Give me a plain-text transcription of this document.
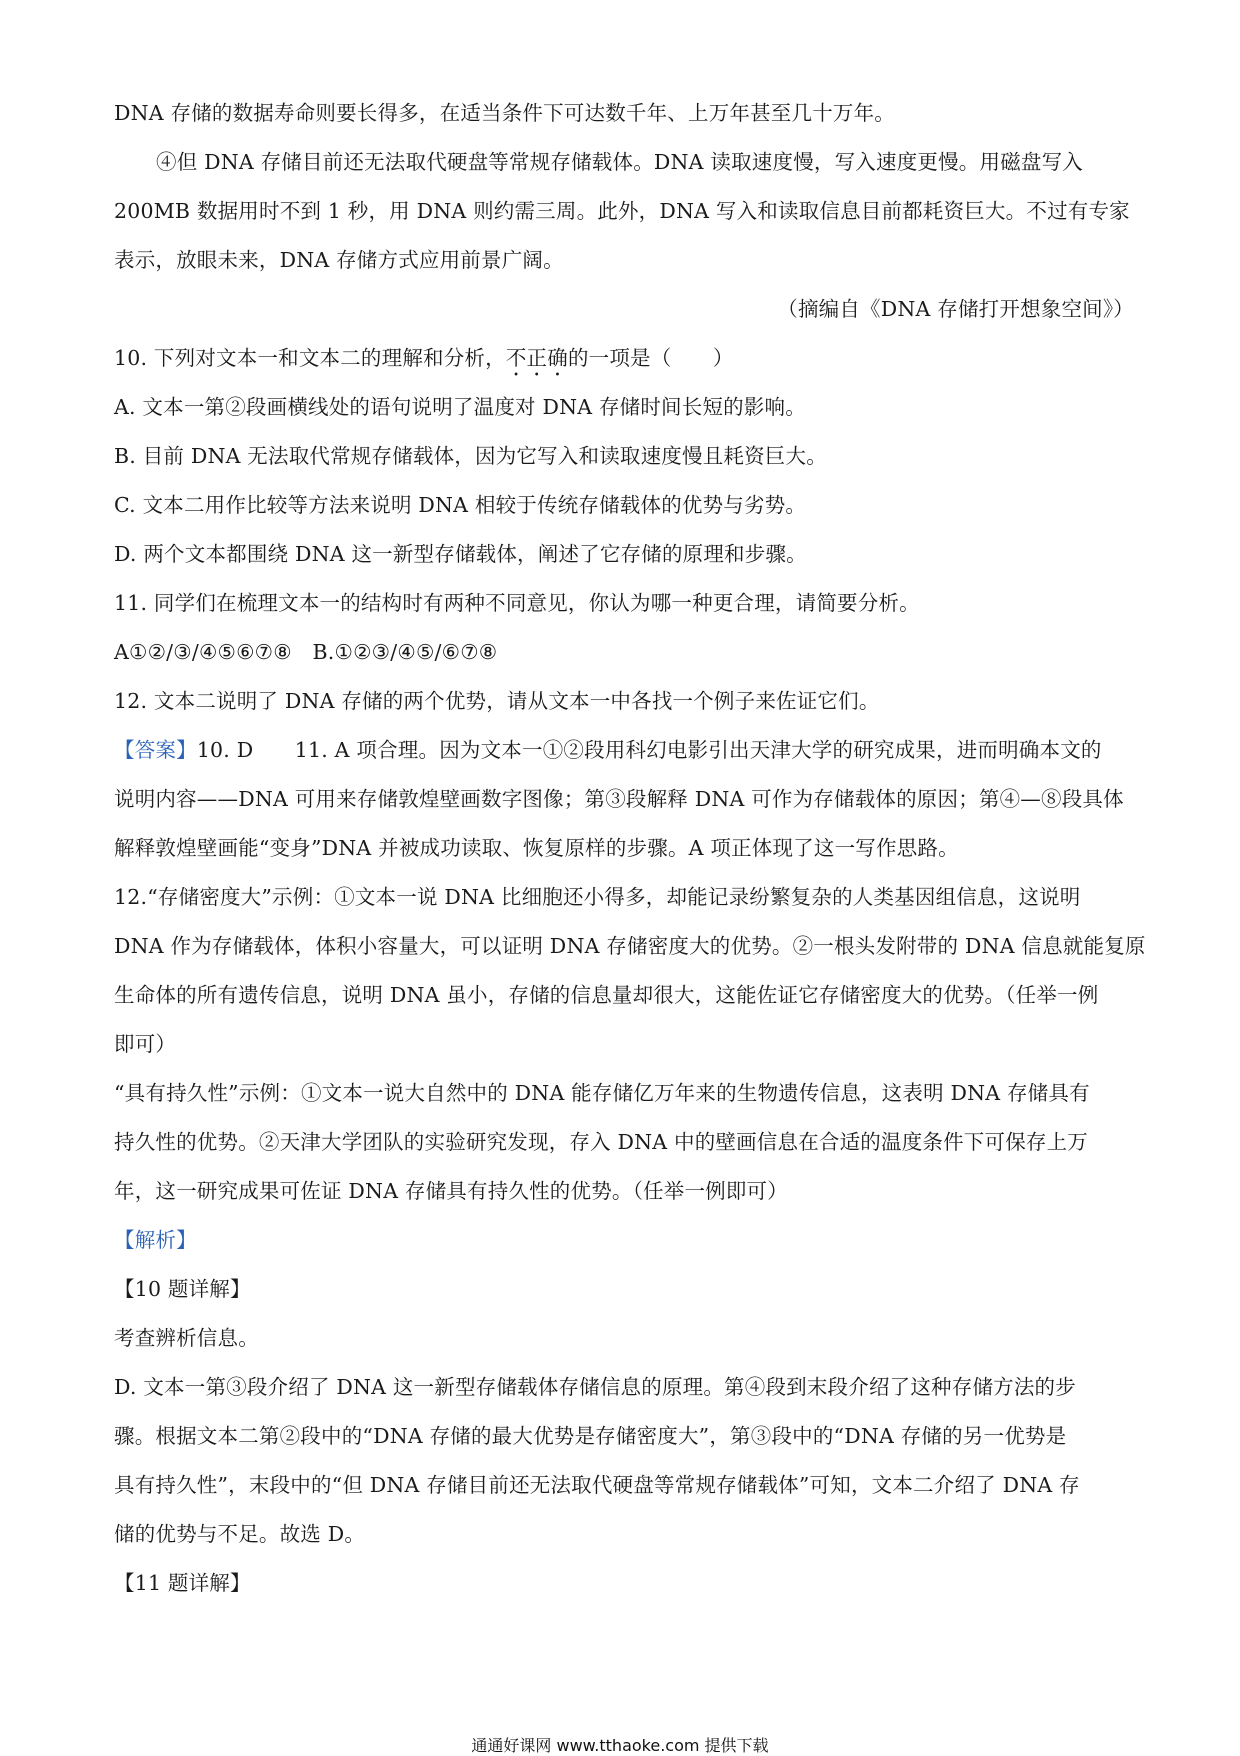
DNA 存储的数据寿命则要长得多，在适当条件下可达数千年、上万年甚至几十万年。
④但 DNA 存储目前还无法取代硬盘等常规存储载体。DNA 读取速度慢，写入速度更慢。用磁盘写入
200MB 数据用时不到 1 秒，用 DNA 则约需三周。此外，DNA 写入和读取信息目前都耗资巨大。不过有专家
表示，放眼未来，DNA 存储方式应用前景广阔。
（摘编自《DNA 存储打开想象空间》）
10. 下列对文本一和文本二的理解和分析，不正确的一项是（　　）
A. 文本一第②段画横线处的语句说明了温度对 DNA 存储时间长短的影响。
B. 目前 DNA 无法取代常规存储载体，因为它写入和读取速度慢且耗资巨大。
C. 文本二用作比较等方法来说明 DNA 相较于传统存储载体的优势与劣势。
D. 两个文本都围绕 DNA 这一新型存储载体，阐述了它存储的原理和步骤。
11. 同学们在梳理文本一的结构时有两种不同意见，你认为哪一种更合理，请简要分析。
A①②/③/④⑤⑥⑦⑧　B.①②③/④⑤/⑥⑦⑧
12. 文本二说明了 DNA 存储的两个优势，请从文本一中各找一个例子来佐证它们。
【答案】10. D　　11. A 项合理。因为文本一①②段用科幻电影引出天津大学的研究成果，进而明确本文的
说明内容——DNA 可用来存储敦煌壁画数字图像；第③段解释 DNA 可作为存储载体的原因；第④—⑧段具体
解释敦煌壁画能“变身”DNA 并被成功读取、恢复原样的步骤。A 项正体现了这一写作思路。
12.“存储密度大”示例：①文本一说 DNA 比细胞还小得多，却能记录纷繁复杂的人类基因组信息，这说明
DNA 作为存储载体，体积小容量大，可以证明 DNA 存储密度大的优势。②一根头发附带的 DNA 信息就能复原
生命体的所有遗传信息，说明 DNA 虽小，存储的信息量却很大，这能佐证它存储密度大的优势。（任举一例
即可）
“具有持久性”示例：①文本一说大自然中的 DNA 能存储亿万年来的生物遗传信息，这表明 DNA 存储具有
持久性的优势。②天津大学团队的实验研究发现，存入 DNA 中的壁画信息在合适的温度条件下可保存上万
年，这一研究成果可佐证 DNA 存储具有持久性的优势。（任举一例即可）
【解析】
【10 题详解】
考查辨析信息。
D. 文本一第③段介绍了 DNA 这一新型存储载体存储信息的原理。第④段到末段介绍了这种存储方法的步
骤。根据文本二第②段中的“DNA 存储的最大优势是存储密度大”，第③段中的“DNA 存储的另一优势是
具有持久性”，末段中的“但 DNA 存储目前还无法取代硬盘等常规存储载体”可知，文本二介绍了 DNA 存
储的优势与不足。故选 D。
【11 题详解】
通通好课网 www.tthaoke.com 提供下载
